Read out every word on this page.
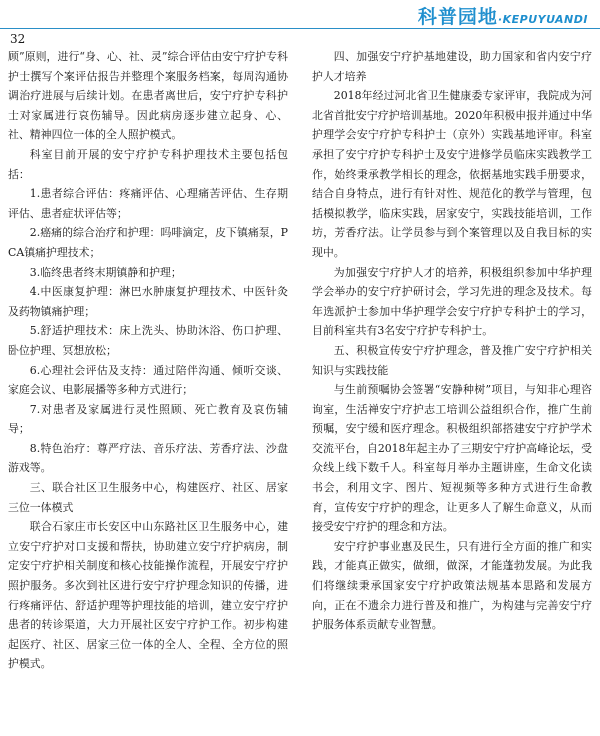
科普园地·KEPUYUANDI
32

顾”原则，进行“身、心、社、灵”综合评估由安宁疗护专科护士撰写个案评估报告并整理个案服务档案，每周沟通协调治疗进展与后续计划。在患者离世后，安宁疗护专科护士对家属进行哀伤辅导。因此病房逐步建立起身、心、社、精神四位一体的全人照护模式。

科室目前开展的安宁疗护专科护理技术主要包括包括：

1.患者综合评估：疼痛评估、心理痛苦评估、生存期评估、患者症状评估等；

2.癌痛的综合治疗和护理：吗啡滴定，皮下镇痛泵，PCA镇痛护理技术；

3.临终患者终末期镇静和护理；

4.中医康复护理：淋巴水肿康复护理技术、中医针灸及药物镇痛护理；

5.舒适护理技术：床上洗头、协助沐浴、伤口护理、卧位护理、冥想放松；

6.心理社会评估及支持：通过陪伴沟通、倾听交谈、家庭会议、电影展播等多种方式进行；

7.对患者及家属进行灵性照顾、死亡教育及哀伤辅导；

8.特色治疗：尊严疗法、音乐疗法、芳香疗法、沙盘游戏等。

三、联合社区卫生服务中心，构建医疗、社区、居家三位一体模式

联合石家庄市长安区中山东路社区卫生服务中心，建立安宁疗护对口支援和帮扶，协助建立安宁疗护病房，制定安宁疗护相关制度和核心技能操作流程，开展安宁疗护照护服务。多次到社区进行安宁疗护理念知识的传播，进行疼痛评估、舒适护理等护理技能的培训，建立安宁疗护患者的转诊渠道，大力开展社区安宁疗护工作。初步构建起医疗、社区、居家三位一体的全人、全程、全方位的照护模式。

四、加强安宁疗护基地建设，助力国家和省内安宁疗护人才培养

2018年经过河北省卫生健康委专家评审，我院成为河北省首批安宁疗护培训基地。2020年积极申报并通过中华护理学会安宁疗护专科护士（京外）实践基地评审。科室承担了安宁疗护专科护士及安宁进修学员临床实践教学工作，始终秉承教学相长的理念，依据基地实践手册要求，结合自身特点，进行有针对性、规范化的教学与管理，包括模拟教学，临床实践，居家安宁，实践技能培训，工作坊，芳香疗法。让学员参与到个案管理以及自我目标的实现中。

为加强安宁疗护人才的培养，积极组织参加中华护理学会举办的安宁疗护研讨会，学习先进的理念及技术。每年选派护士参加中华护理学会安宁疗护专科护士的学习，目前科室共有3名安宁疗护专科护士。

五、积极宣传安宁疗护理念，普及推广安宁疗护相关知识与实践技能

与生前预嘱协会签署“安静种树”项目，与知非心理咨询室，生活禅安宁疗护志工培训公益组织合作，推广生前预嘱，安宁缓和医疗理念。积极组织部搭建安宁疗护学术交流平台，自2018年起主办了三期安宁疗护高峰论坛，受众线上线下数千人。科室每月举办主题讲座，生命文化读书会，利用文字、图片、短视频等多种方式进行生命教育，宣传安宁疗护的理念，让更多人了解生命意义，从而接受安宁疗护的理念和方法。

安宁疗护事业惠及民生，只有进行全方面的推广和实践，才能真正做实，做细，做深，才能蓬勃发展。为此我们将继续秉承国家安宁疗护政策法规基本思路和发展方向，正在不遗余力进行普及和推广，为构建与完善安宁疗护服务体系贡献专业智慧。
